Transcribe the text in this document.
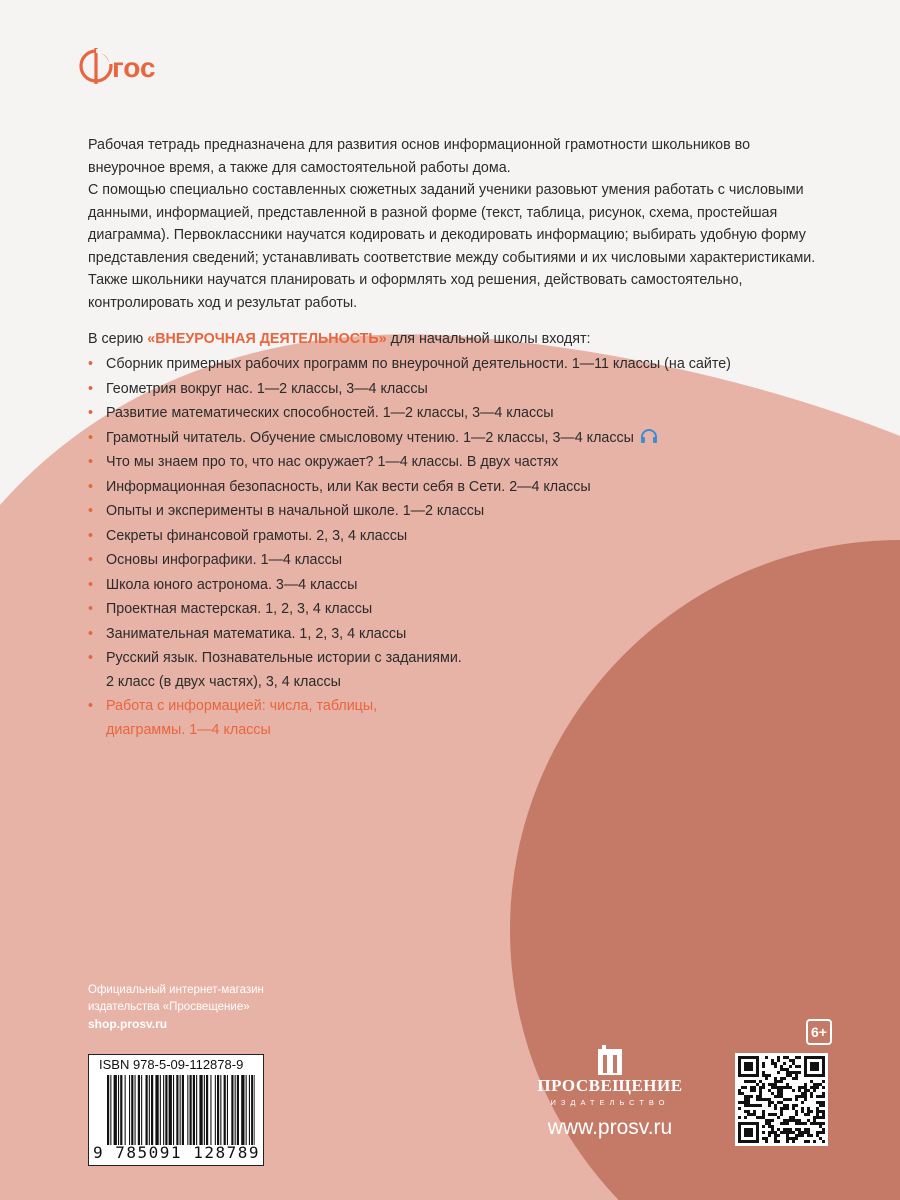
гос

Рабочая тетрадь предназначена для развития основ информационной грамотности школьников во внеурочное время, а также для самостоятельной работы дома.

С помощью специально составленных сюжетных заданий ученики разовьют умения работать с числовыми данными, информацией, представленной в разной форме (текст, таблица, рисунок, схема, простейшая диаграмма). Первоклассники научатся кодировать и декодировать информацию; выбирать удобную форму представления сведений; устанавливать соответствие между событиями и их числовыми характеристиками.

Также школьники научатся планировать и оформлять ход решения, действовать самостоятельно, контролировать ход и результат работы.

В серию «ВНЕУРОЧНАЯ ДЕЯТЕЛЬНОСТЬ» для начальной школы входят:
• Сборник примерных рабочих программ по внеурочной деятельности. 1—11 классы (на сайте)
• Геометрия вокруг нас. 1—2 классы, 3—4 классы
• Развитие математических способностей. 1—2 классы, 3—4 классы
• Грамотный читатель. Обучение смысловому чтению. 1—2 классы, 3—4 классы
• Что мы знаем про то, что нас окружает? 1—4 классы. В двух частях
• Информационная безопасность, или Как вести себя в Сети. 2—4 классы
• Опыты и эксперименты в начальной школе. 1—2 классы
• Секреты финансовой грамоты. 2, 3, 4 классы
• Основы инфографики. 1—4 классы
• Школа юного астронома. 3—4 классы
• Проектная мастерская. 1, 2, 3, 4 классы
• Занимательная математика. 1, 2, 3, 4 классы
• Русский язык. Познавательные истории с заданиями.
2 класс (в двух частях), 3, 4 классы
• Работа с информацией: числа, таблицы,
диаграммы. 1—4 классы
Официальный интернет-магазин
издательства «Просвещение»
shop.prosv.ru	6+
ISBN 978-5-09-112878-9
9 785091 128789
ПРОСВЕЩЕНИЕ
ИЗДАТЕЛЬСТВО
www.prosv.ru
